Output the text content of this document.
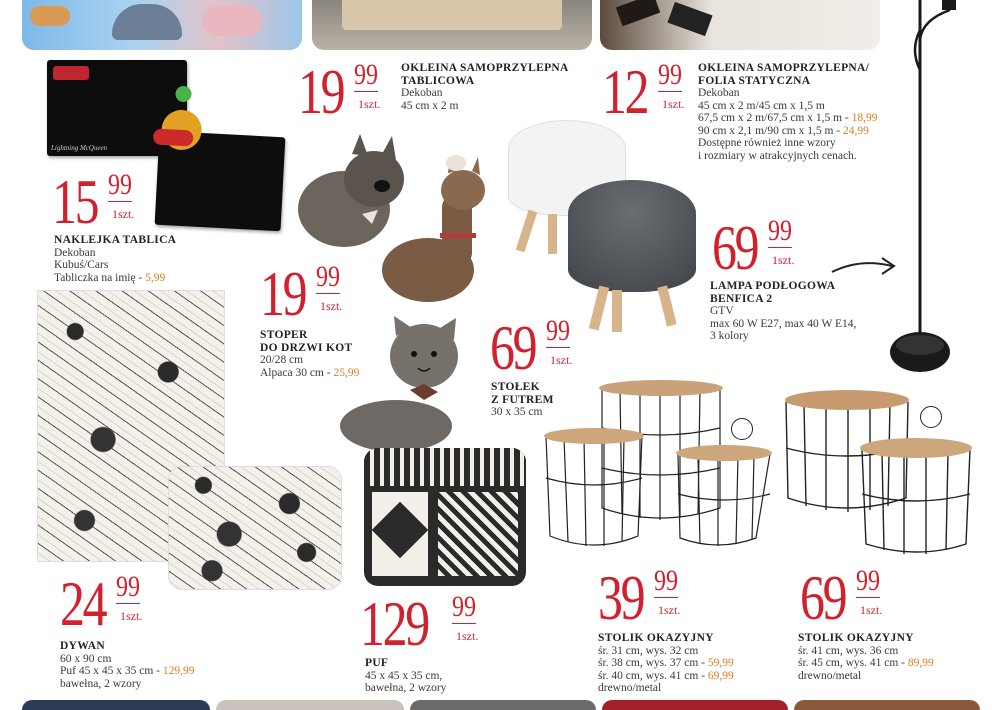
19 99
1szt.
OKLEINA SAMOPRZYLEPNA
TABLICOWA
Dekoban
45 cm x 2 m	12 99
1szt.
OKLEINA SAMOPRZYLEPNA/
FOLIA STATYCZNA
Dekoban
45 cm x 2 m/45 cm x 1,5 m
67,5 cm x 2 m/67,5 cm x 1,5 m - 18,99
90 cm x 2,1 m/90 cm x 1,5 m - 24,99
Dostępne również inne wzory
i rozmiary w atrakcyjnych cenach.
Lightning McQueen
15 99
1szt.
NAKLEJKA TABLICA
Dekoban
Kubuś/Cars
Tabliczka na imię - 5,99 19 99
1szt.
STOPER
DO DRZWI KOT
20/28 cm
Alpaca 30 cm - 25,99 69 99
1szt.
STOŁEK
Z FUTREM
30 x 35 cm
69 99
1szt.
LAMPA PODŁOGOWA
BENFICA 2
GTV
max 60 W E27, max 40 W E14,
3 kolory
24 99
1szt.
DYWAN
60 x 90 cm
Puf 45 x 45 x 35 cm - 129,99
bawełna, 2 wzory
129 99
1szt.
PUF
45 x 45 x 35 cm,
bawełna, 2 wzory
39 99
1szt.
STOLIK OKAZYJNY
śr. 31 cm, wys. 32 cm
śr. 38 cm, wys. 37 cm - 59,99
śr. 40 cm, wys. 41 cm - 69,99
drewno/metal
69 99
1szt.
STOLIK OKAZYJNY
śr. 41 cm, wys. 36 cm
śr. 45 cm, wys. 41 cm - 89,99
drewno/metal
